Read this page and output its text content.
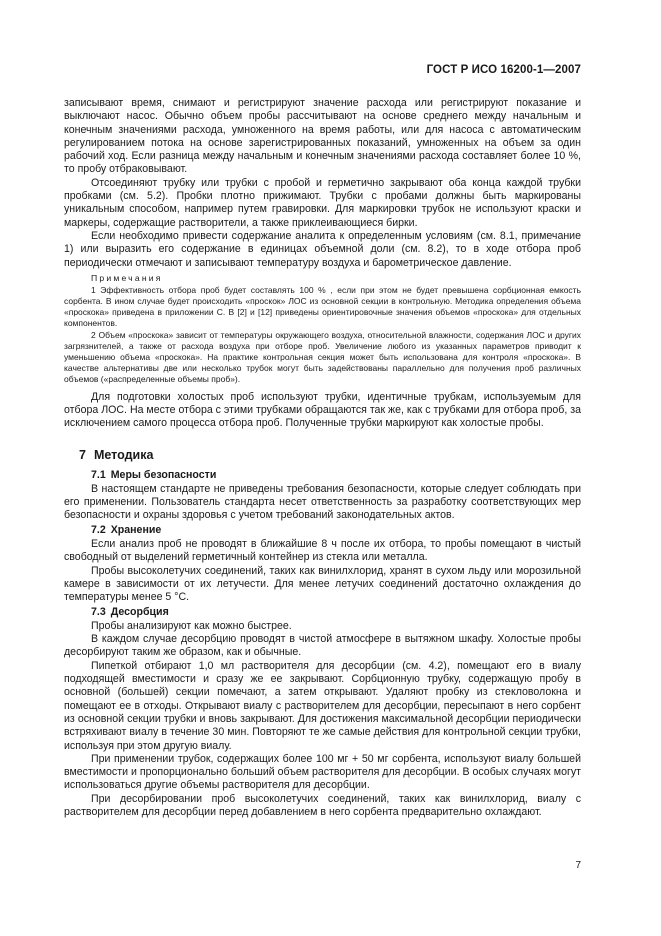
ГОСТ Р ИСО 16200-1—2007

записывают время, снимают и регистрируют значение расхода или регистрируют показание и выключают насос. Обычно объем пробы рассчитывают на основе среднего между начальным и конечным значениями расхода, умноженного на время работы, или для насоса с автоматическим регулированием потока на основе зарегистрированных показаний, умноженных на объем за один рабочий ход. Если разница между начальным и конечным значениями расхода составляет более 10 %, то пробу отбраковывают.

Отсоединяют трубку или трубки с пробой и герметично закрывают оба конца каждой трубки пробками (см. 5.2). Пробки плотно прижимают. Трубки с пробами должны быть маркированы уникальным способом, например путем гравировки. Для маркировки трубок не используют краски и маркеры, содержащие растворители, а также приклеивающиеся бирки.

Если необходимо привести содержание аналита к определенным условиям (см. 8.1, примечание 1) или выразить его содержание в единицах объемной доли (см. 8.2), то в ходе отбора проб периодически отмечают и записывают температуру воздуха и барометрическое давление.

Примечания

1 Эффективность отбора проб будет составлять 100 % , если при этом не будет превышена сорбционная емкость сорбента. В ином случае будет происходить «проскок» ЛОС из основной секции в контрольную. Методика определения объема «проскока» приведена в приложении С. В [2] и [12] приведены ориентировочные значения объемов «проскока» для отдельных компонентов.

2 Объем «проскока» зависит от температуры окружающего воздуха, относительной влажности, содержания ЛОС и других загрязнителей, а также от расхода воздуха при отборе проб. Увеличение любого из указанных параметров приводит к уменьшению объема «проскока». На практике контрольная секция может быть использована для контроля «проскока». В качестве альтернативы две или несколько трубок могут быть задействованы параллельно для получения проб различных объемов («распределенные объемы проб»).

Для подготовки холостых проб используют трубки, идентичные трубкам, используемым для отбора ЛОС. На месте отбора с этими трубками обращаются так же, как с трубками для отбора проб, за исключением самого процесса отбора проб. Полученные трубки маркируют как холостые пробы.

7 Методика
7.1 Меры безопасности

В настоящем стандарте не приведены требования безопасности, которые следует соблюдать при его применении. Пользователь стандарта несет ответственность за разработку соответствующих мер безопасности и охраны здоровья с учетом требований законодательных актов.

7.2 Хранение

Если анализ проб не проводят в ближайшие 8 ч после их отбора, то пробы помещают в чистый свободный от выделений герметичный контейнер из стекла или металла.

Пробы высоколетучих соединений, таких как винилхлорид, хранят в сухом льду или морозильной камере в зависимости от их летучести. Для менее летучих соединений достаточно охлаждения до температуры менее 5 °С.

7.3 Десорбция

Пробы анализируют как можно быстрее.

В каждом случае десорбцию проводят в чистой атмосфере в вытяжном шкафу. Холостые пробы десорбируют таким же образом, как и обычные.

Пипеткой отбирают 1,0 мл растворителя для десорбции (см. 4.2), помещают его в виалу подходящей вместимости и сразу же ее закрывают. Сорбционную трубку, содержащую пробу в основной (большей) секции помечают, а затем открывают. Удаляют пробку из стекловолокна и помещают ее в отходы. Открывают виалу с растворителем для десорбции, пересыпают в него сорбент из основной секции трубки и вновь закрывают. Для достижения максимальной десорбции периодически встряхивают виалу в течение 30 мин. Повторяют те же самые действия для контрольной секции трубки, используя при этом другую виалу.

При применении трубок, содержащих более 100 мг + 50 мг сорбента, используют виалу большей вместимости и пропорционально больший объем растворителя для десорбции. В особых случаях могут использоваться другие объемы растворителя для десорбции.

При десорбировании проб высоколетучих соединений, таких как винилхлорид, виалу с растворителем для десорбции перед добавлением в него сорбента предварительно охлаждают.

7
